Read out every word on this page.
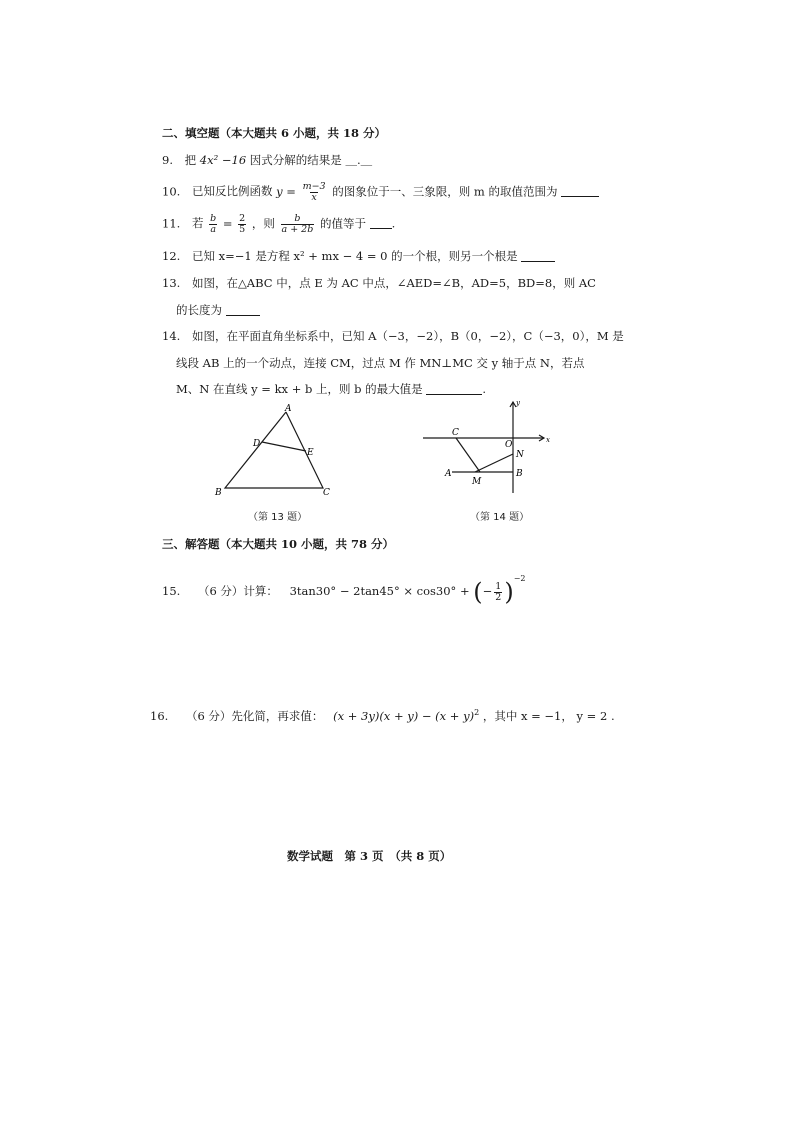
二、填空题（本大题共 6 小题，共 18 分）
9. 把 4x² −16 因式分解的结果是 ＿.＿
10. 已知反比例函数 $y = \frac{m-3}{x}$ 的图象位于一、三象限，则 m 的取值范围为
11. 若 $\frac{b}{a} = \frac{2}{5}$ ，则 $\frac{b}{a + 2b}$ 的值等于 .
12. 已知 x=−1 是方程 x² + mx − 4 = 0 的一个根，则另一个根是
13. 如图，在△ABC 中，点 E 为 AC 中点，∠AED=∠B，AD=5，BD=8，则 AC
的长度为
14. 如图，在平面直角坐标系中，已知 A（−3，−2），B（0，−2），C（−3，0），M 是
线段 AB 上的一个动点，连接 CM，过点 M 作 MN⊥MC 交 y 轴于点 N，若点
M、N 在直线 y = kx + b 上，则 b 的最大值是	.
A
D
E
B	C
（第 13 题）
y
x
C
O
N
A	B
M
（第 14 题）
三、解答题（本大题共 10 小题，共 78 分）
15. （6 分）计算： 3tan30° − 2tan45° × cos30° + (− $\frac{1}{2} )^{-2}$
16. （6 分）先化简，再求值： $(x + 3y)(x + y) - (x + y)^2$ ，其中 x = −1， y = 2 .
数学试题　第 3 页　（共 8 页）
